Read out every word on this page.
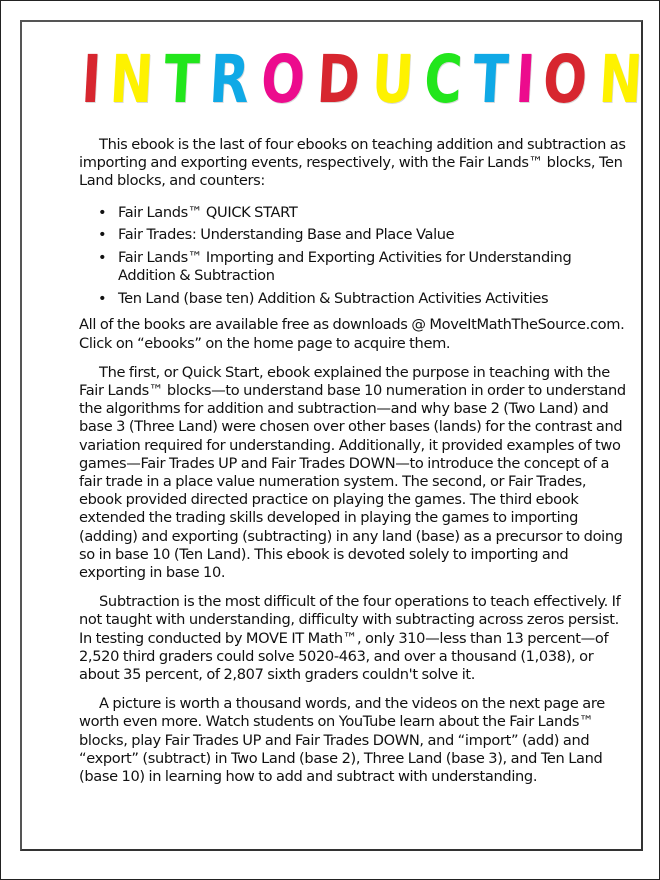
I N T R O D U C T I O N

This ebook is the last of four ebooks on teaching addition and subtraction as importing and exporting events, respectively, with the Fair Lands™ blocks, Ten Land blocks, and counters:

• Fair Lands™ QUICK START
• Fair Trades: Understanding Base and Place Value
• Fair Lands™ Importing and Exporting Activities for Understanding Addition & Subtraction
• Ten Land (base ten) Addition & Subtraction Activities Activities

All of the books are available free as downloads @ MoveItMathTheSource.com. Click on “ebooks” on the home page to acquire them.

The first, or Quick Start, ebook explained the purpose in teaching with the Fair Lands™ blocks—to understand base 10 numeration in order to understand the algorithms for addition and subtraction—and why base 2 (Two Land) and base 3 (Three Land) were chosen over other bases (lands) for the contrast and variation required for understanding. Additionally, it provided examples of two games—Fair Trades UP and Fair Trades DOWN—to introduce the concept of a fair trade in a place value numeration system. The second, or Fair Trades, ebook provided directed practice on playing the games. The third ebook extended the trading skills developed in playing the games to importing (adding) and exporting (subtracting) in any land (base) as a precursor to doing so in base 10 (Ten Land). This ebook is devoted solely to importing and exporting in base 10.

Subtraction is the most difficult of the four operations to teach effectively. If not taught with understanding, difficulty with subtracting across zeros persist. In testing conducted by MOVE IT Math™, only 310—less than 13 percent—of 2,520 third graders could solve 5020-463, and over a thousand (1,038), or about 35 percent, of 2,807 sixth graders couldn't solve it.

A picture is worth a thousand words, and the videos on the next page are worth even more. Watch students on YouTube learn about the Fair Lands™ blocks, play Fair Trades UP and Fair Trades DOWN, and “import” (add) and “export” (subtract) in Two Land (base 2), Three Land (base 3), and Ten Land (base 10) in learning how to add and subtract with understanding.
